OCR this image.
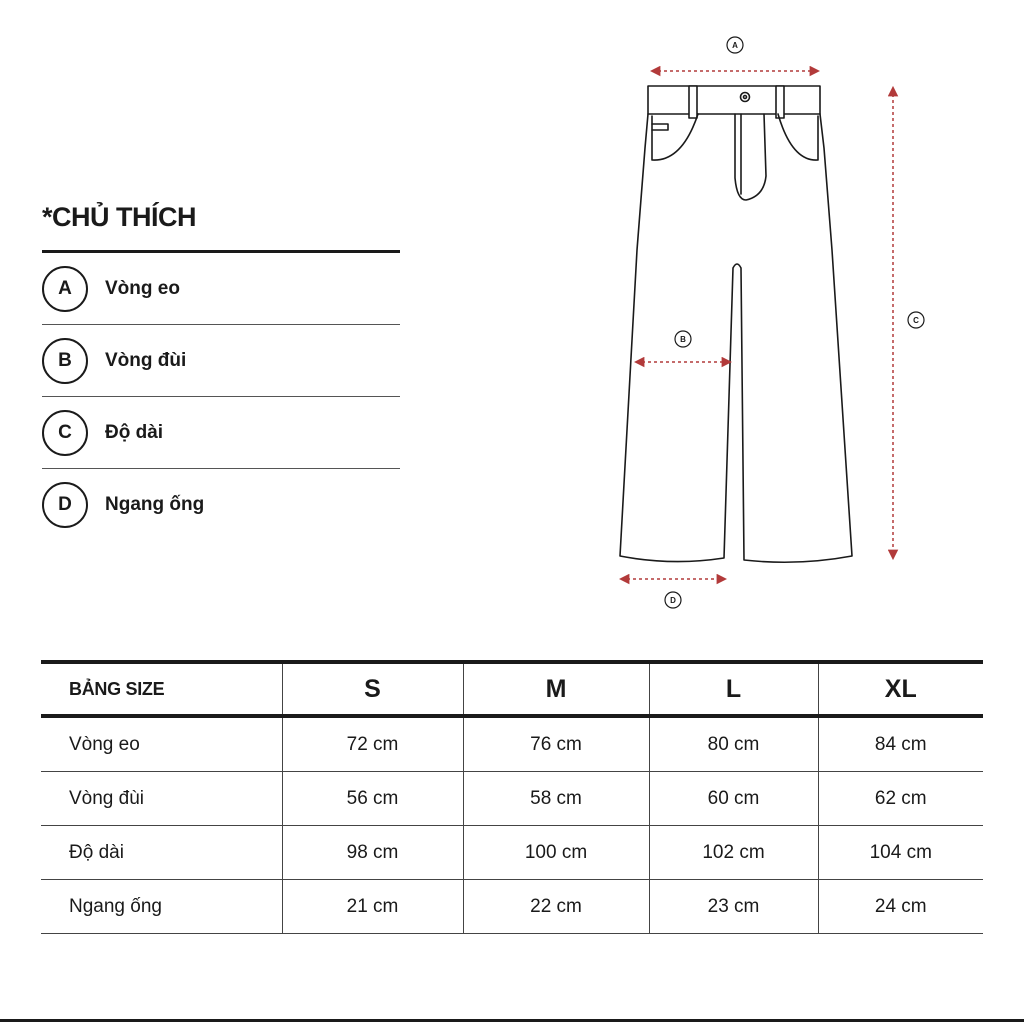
*CHỦ THÍCH
A	Vòng eo
B	Vòng đùi
C	Độ dài
D	Ngang ống
A
B
C
D
BẢNG SIZE	S	M	L	XL
Vòng eo	72 cm	76 cm	80 cm	84 cm
Vòng đùi	56 cm	58 cm	60 cm	62 cm
Độ dài	98 cm	100 cm	102 cm	104 cm
Ngang ống	21 cm	22 cm	23 cm	24 cm
